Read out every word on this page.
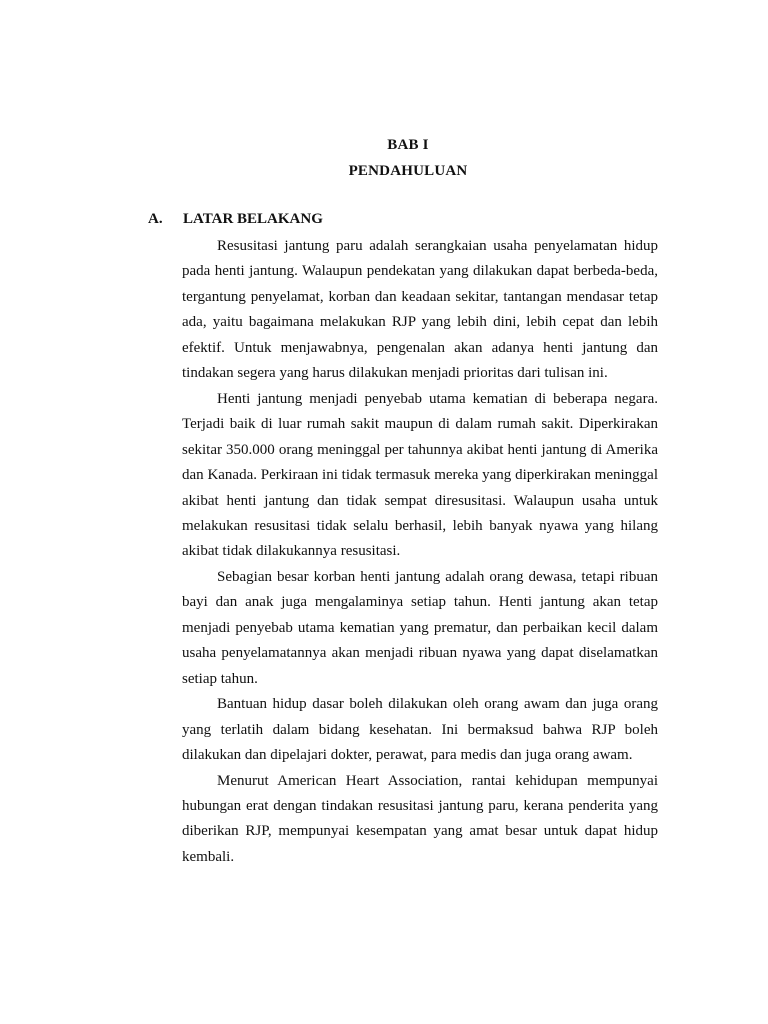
BAB I
PENDAHULUAN
A.	LATAR BELAKANG

Resusitasi jantung paru adalah serangkaian usaha penyelamatan hidup pada henti jantung. Walaupun pendekatan yang dilakukan dapat berbeda-beda, tergantung penyelamat, korban dan keadaan sekitar, tantangan mendasar tetap ada, yaitu bagaimana melakukan RJP yang lebih dini, lebih cepat dan lebih efektif. Untuk menjawabnya, pengenalan akan adanya henti jantung dan tindakan segera yang harus dilakukan menjadi prioritas dari tulisan ini.

Henti jantung menjadi penyebab utama kematian di beberapa negara. Terjadi baik di luar rumah sakit maupun di dalam rumah sakit. Diperkirakan sekitar 350.000 orang meninggal per tahunnya akibat henti jantung di Amerika dan Kanada. Perkiraan ini tidak termasuk mereka yang diperkirakan meninggal akibat henti jantung dan tidak sempat diresusitasi. Walaupun usaha untuk melakukan resusitasi tidak selalu berhasil, lebih banyak nyawa yang hilang akibat tidak dilakukannya resusitasi.

Sebagian besar korban henti jantung adalah orang dewasa, tetapi ribuan bayi dan anak juga mengalaminya setiap tahun. Henti jantung akan tetap menjadi penyebab utama kematian yang prematur, dan perbaikan kecil dalam usaha penyelamatannya akan menjadi ribuan nyawa yang dapat diselamatkan setiap tahun.

Bantuan hidup dasar boleh dilakukan oleh orang awam dan juga orang yang terlatih dalam bidang kesehatan. Ini bermaksud bahwa RJP boleh dilakukan dan dipelajari dokter, perawat, para medis dan juga orang awam.

Menurut American Heart Association, rantai kehidupan mempunyai hubungan erat dengan tindakan resusitasi jantung paru, kerana penderita yang diberikan RJP, mempunyai kesempatan yang amat besar untuk dapat hidup kembali.
